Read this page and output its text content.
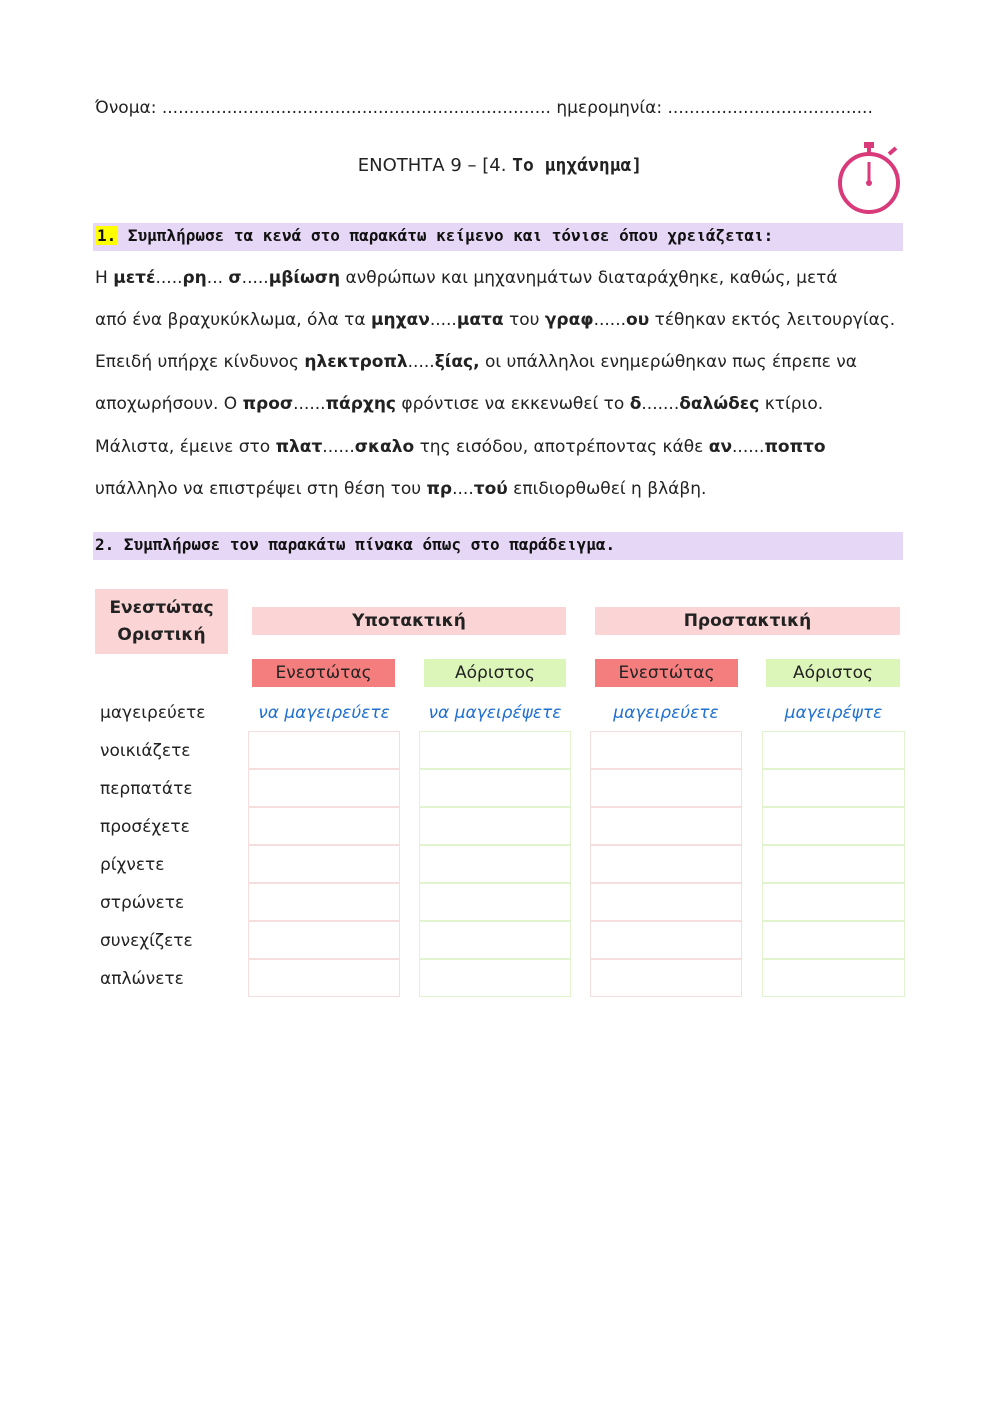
Όνομα: ........................................................................ ημερομηνία: ......................................
ΕΝΟΤΗΤΑ 9 – [4. Το μηχάνημα]
1. Συμπλήρωσε τα κενά στο παρακάτω κείμενο και τόνισε όπου χρειάζεται:
Η μετέ.....ρη... σ.....μβίωση ανθρώπων και μηχανημάτων διαταράχθηκε, καθώς, μετά
από ένα βραχυκύκλωμα, όλα τα μηχαν.....ματα του γραφ......ου τέθηκαν εκτός λειτουργίας.
Επειδή υπήρχε κίνδυνος ηλεκτροπλ.....ξίας, οι υπάλληλοι ενημερώθηκαν πως έπρεπε να
αποχωρήσουν. Ο προσ......πάρχης φρόντισε να εκκενωθεί το δ.......δαλώδες κτίριο.
Μάλιστα, έμεινε στο πλατ......σκαλο της εισόδου, αποτρέποντας κάθε αν......ποπτο
υπάλληλο να επιστρέψει στη θέση του πρ....τού επιδιορθωθεί η βλάβη.
2. Συμπλήρωσε τον παρακάτω πίνακα όπως στο παράδειγμα.
Ενεστώτας
Οριστική
Υποτακτική	Προστακτική
Ενεστώτας	Αόριστος	Ενεστώτας	Αόριστος
μαγειρεύετε	να μαγειρεύετε	να μαγειρέψετε	μαγειρεύετε	μαγειρέψτε
νοικιάζετε
περπατάτε
προσέχετε
ρίχνετε
στρώνετε
συνεχίζετε
απλώνετε
